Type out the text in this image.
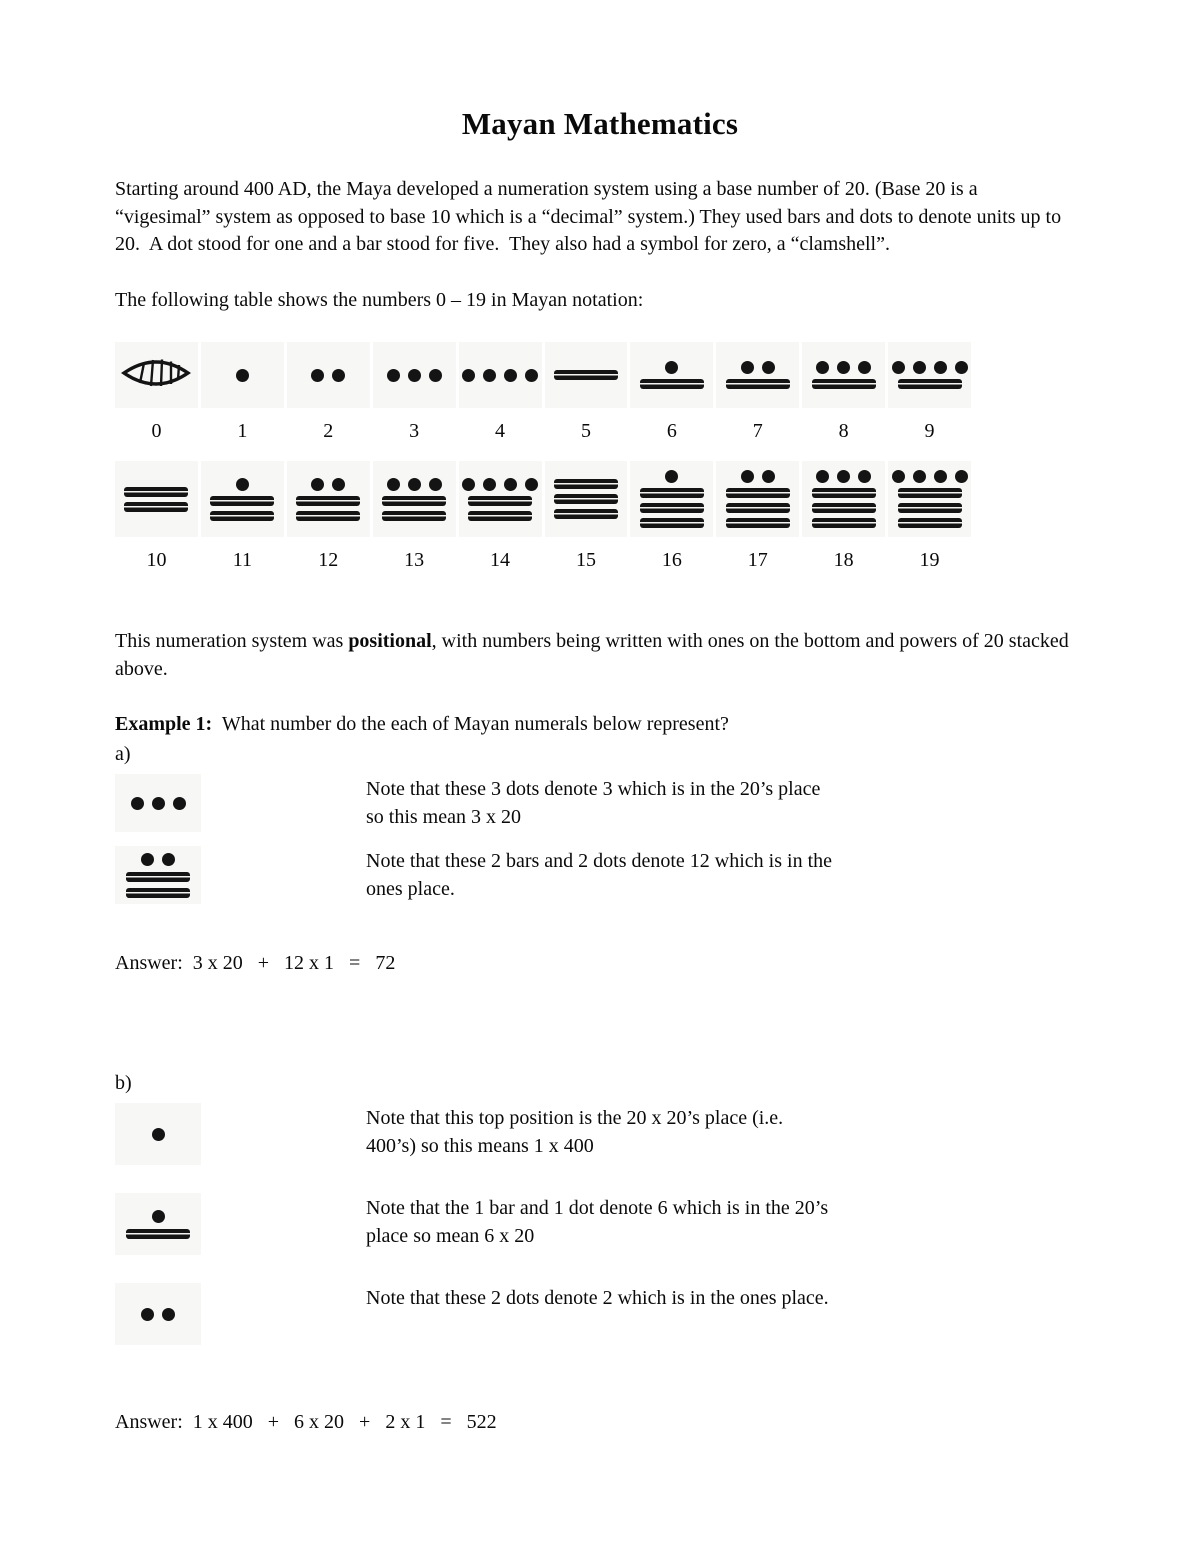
Mayan Mathematics

Starting around 400 AD, the Maya developed a numeration system using a base number of 20. (Base 20 is a “vigesimal” system as opposed to base 10 which is a “decimal” system.) They used bars and dots to denote units up to 20.  A dot stood for one and a bar stood for five.  They also had a symbol for zero, a “clamshell”.

The following table shows the numbers 0 – 19 in Mayan notation:

0	1	2	3	4	5	6	7	8	9
10	11	12	13	14	15	16	17	18	19

This numeration system was positional, with numbers being written with ones on the bottom and powers of 20 stacked above.

Example 1:  What number do the each of Mayan numerals below represent?

a)
Note that these 3 dots denote 3 which is in the 20’s place
so this mean 3 x 20
Note that these 2 bars and 2 dots denote 12 which is in the
ones place.
Answer:  3 x 20   +   12 x 1   =   72
b)
Note that this top position is the 20 x 20’s place (i.e.
400’s) so this means 1 x 400
Note that the 1 bar and 1 dot denote 6 which is in the 20’s
place so mean 6 x 20
Note that these 2 dots denote 2 which is in the ones place.
Answer:  1 x 400   +   6 x 20   +   2 x 1   =   522
